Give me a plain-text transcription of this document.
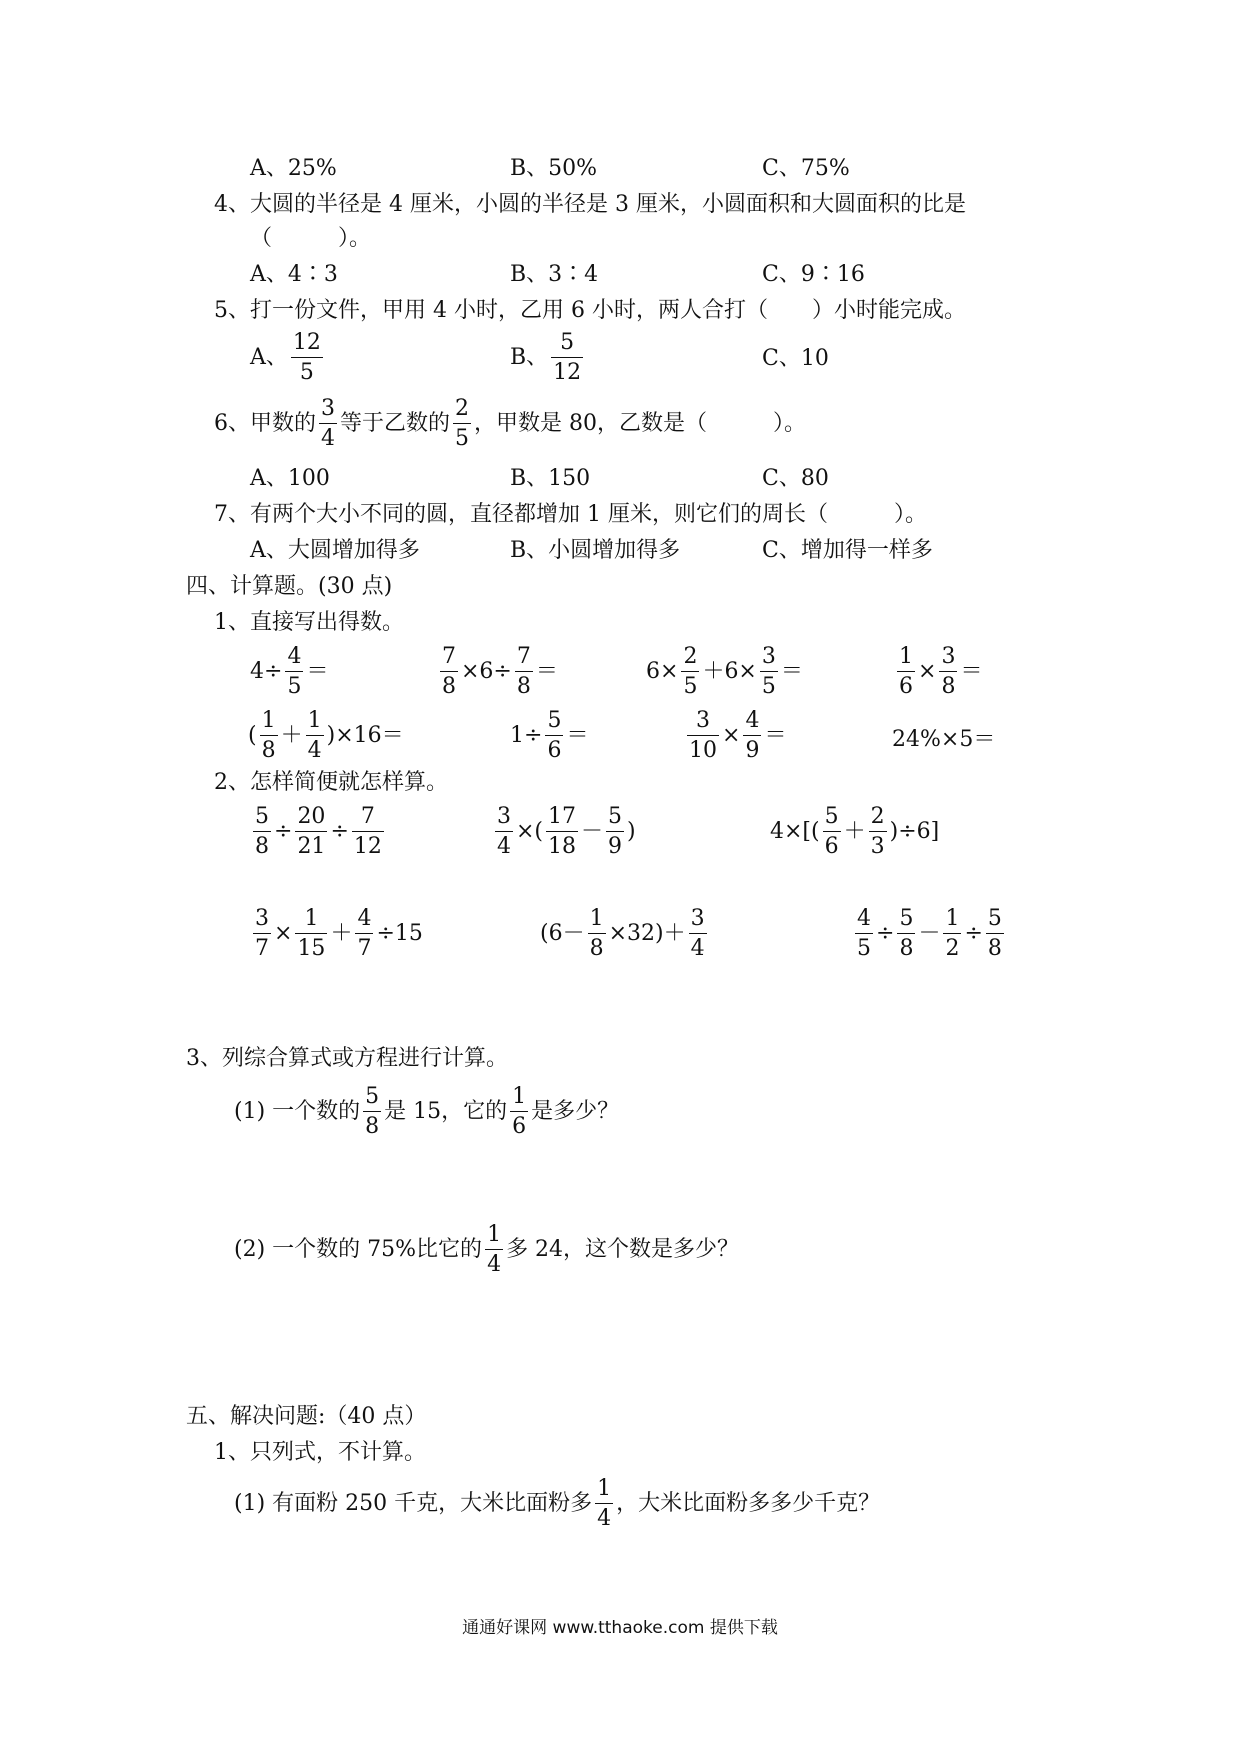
A、25%	B、50%	C、75%
4、大圆的半径是 4 厘米，小圆的半径是 3 厘米，小圆面积和大圆面积的比是
（　　　）。
A、4∶3	B、3∶4	C、9∶16
5、打一份文件，甲用 4 小时，乙用 6 小时，两人合打（　　）小时能完成。
A、 $\frac{12}{5}$	B、 $\frac{5}{12}$	C、10
6、甲数的 $\frac{3}{4}$ 等于乙数的 $\frac{2}{5}$ ，甲数是 80，乙数是（　　　）。
A、100	B、150	C、80
7、有两个大小不同的圆，直径都增加 1 厘米，则它们的周长（　　　）。
A、大圆增加得多	B、小圆增加得多	C、增加得一样多
四、计算题。(30 点)
1、直接写出得数。
$4\div \frac{4}{5}$ ＝	$\frac{7}{8} \times 6\div \frac{7}{8}$ ＝	$6\times \frac{2}{5} +6\times \frac{3}{5}$ ＝	$\frac{1}{6} \times \frac{3}{8}$ ＝
( $\frac{1}{8} + \frac{1}{4} )\times 16=$	$1\div \frac{5}{6}$ ＝	$\frac{3}{10} \times \frac{4}{9}$ ＝	24%×5＝
2、怎样简便就怎样算。
$\frac{5}{8} \div \frac{20}{21} \div \frac{7}{12}$	$\frac{3}{4}$ ×( $\frac{17}{18} - \frac{5}{9}$ )	$4\times[( \frac{5}{6} + \frac{2}{3} )\div 6]$
$\frac{3}{7} \times \frac{1}{15} + \frac{4}{7} \div 15$	$(6- \frac{1}{8} \times 32)+ \frac{3}{4}$	$\frac{4}{5} \div \frac{5}{8} - \frac{1}{2} \div \frac{5}{8}$
3、列综合算式或方程进行计算。
(1) 一个数的 $\frac{5}{8}$ 是 15，它的 $\frac{1}{6}$ 是多少？
(2) 一个数的 75%比它的 $\frac{1}{4}$ 多 24，这个数是多少？
五、解决问题:（40 点）
1、只列式，不计算。
(1) 有面粉 250 千克，大米比面粉多 $\frac{1}{4}$ ，大米比面粉多多少千克？
通通好课网 www.tthaoke.com 提供下载
